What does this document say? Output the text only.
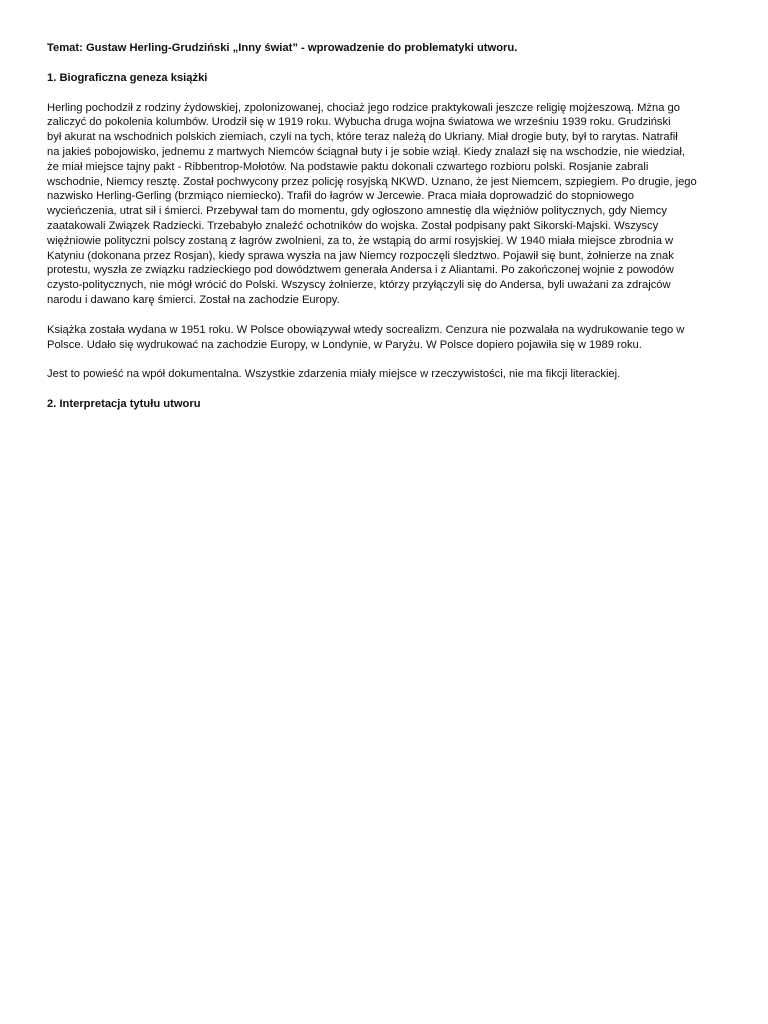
Temat: Gustaw Herling-Grudziński „Inny świat” - wprowadzenie do problematyki utworu.
1. Biograficzna geneza książki
Herling pochodził z rodziny żydowskiej, zpolonizowanej, chociaż jego rodzice praktykowali jeszcze religię mojżeszową. Mżna go
zaliczyć do pokolenia kolumbów. Urodził się w 1919 roku. Wybucha druga wojna światowa we wrześniu 1939 roku. Grudziński
był akurat na wschodnich polskich ziemiach, czyli na tych, które teraz należą do Ukriany. Miał drogie buty, był to rarytas. Natrafił
na jakieś pobojowisko, jednemu z martwych Niemców ściągnał buty i je sobie wziął. Kiedy znalazł się na wschodzie, nie wiedział,
że miał miejsce tajny pakt - Ribbentrop-Mołotów. Na podstawie paktu dokonali czwartego rozbioru polski. Rosjanie zabrali
wschodnie, Niemcy resztę. Został pochwycony przez policję rosyjską NKWD. Uznano, że jest Niemcem, szpiegiem. Po drugie, jego
nazwisko Herling-Gerling (brzmiąco niemiecko). Trafił do łagrów w Jercewie. Praca miała doprowadzić do stopniowego
wycieńczenia, utrat sił i śmierci. Przebywał tam do momentu, gdy ogłoszono amnestię dla więźniów politycznych, gdy Niemcy
zaatakowali Związek Radziecki. Trzebabyło znaleźć ochotników do wojska. Został podpisany pakt Sikorski-Majski. Wszyscy
więźniowie polityczni polscy zostaną z łagrów zwolnieni, za to, że wstąpią do armi rosyjskiej. W 1940 miała miejsce zbrodnia w
Katyniu (dokonana przez Rosjan), kiedy sprawa wyszła na jaw Niemcy rozpoczęli śledztwo. Pojawił się bunt, żołnierze na znak
protestu, wyszła ze związku radzieckiego pod dowództwem generała Andersa i z Aliantami. Po zakończonej wojnie z powodów
czysto-politycznych, nie mógł wrócić do Polski. Wszyscy żołnierze, którzy przyłączyli się do Andersa, byli uważani za zdrajców
narodu i dawano karę śmierci. Został na zachodzie Europy.
Książka została wydana w 1951 roku. W Polsce obowiązywał wtedy socrealizm. Cenzura nie pozwalała na wydrukowanie tego w
Polsce. Udało się wydrukować na zachodzie Europy, w Londynie, w Paryżu. W Polsce dopiero pojawiła się w 1989 roku.
Jest to powieść na wpół dokumentalna. Wszystkie zdarzenia miały miejsce w rzeczywistości, nie ma fikcji literackiej.
2. Interpretacja tytułu utworu
